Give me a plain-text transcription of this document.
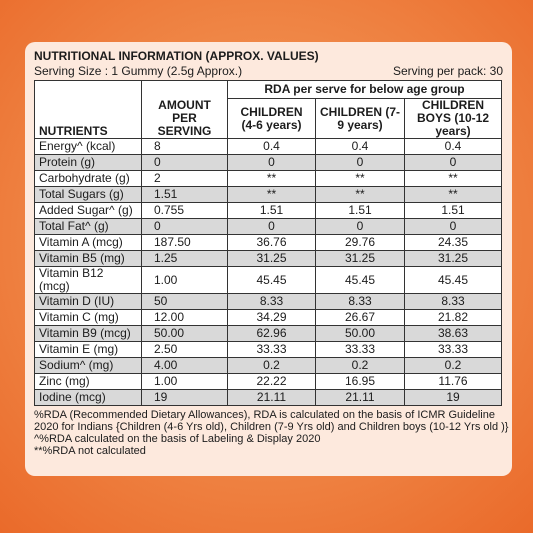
NUTRITIONAL INFORMATION (APPROX. VALUES)
Serving Size : 1 Gummy (2.5g Approx.)	Serving per pack: 30
NUTRIENTS	AMOUNT PER SERVING	RDA per serve for below age group		
		CHILDREN (4-6 years)	CHILDREN (7-9 years)	CHILDREN BOYS (10-12 years)
Energy^ (kcal)	8	0.4	0.4	0.4
Protein (g)	0	0	0	0
Carbohydrate (g)	2	**	**	**
Total Sugars (g)	1.51	**	**	**
Added Sugar^ (g)	0.755	1.51	1.51	1.51
Total Fat^ (g)	0	0	0	0
Vitamin A (mcg)	187.50	36.76	29.76	24.35
Vitamin B5 (mg)	1.25	31.25	31.25	31.25
Vitamin B12 (mcg)	1.00	45.45	45.45	45.45
Vitamin D (IU)	50	8.33	8.33	8.33
Vitamin C (mg)	12.00	34.29	26.67	21.82
Vitamin B9 (mcg)	50.00	62.96	50.00	38.63
Vitamin E (mg)	2.50	33.33	33.33	33.33
Sodium^ (mg)	4.00	0.2	0.2	0.2
Zinc (mg)	1.00	22.22	16.95	11.76
Iodine (mcg)	19	21.11	21.11	19
%RDA (Recommended Dietary Allowances), RDA is calculated on the basis of ICMR Guideline
2020 for Indians {Children (4-6 Yrs old), Children (7-9 Yrs old) and Children boys (10-12 Yrs old )}
^%RDA calculated on the basis of Labeling & Display 2020
**%RDA not calculated
